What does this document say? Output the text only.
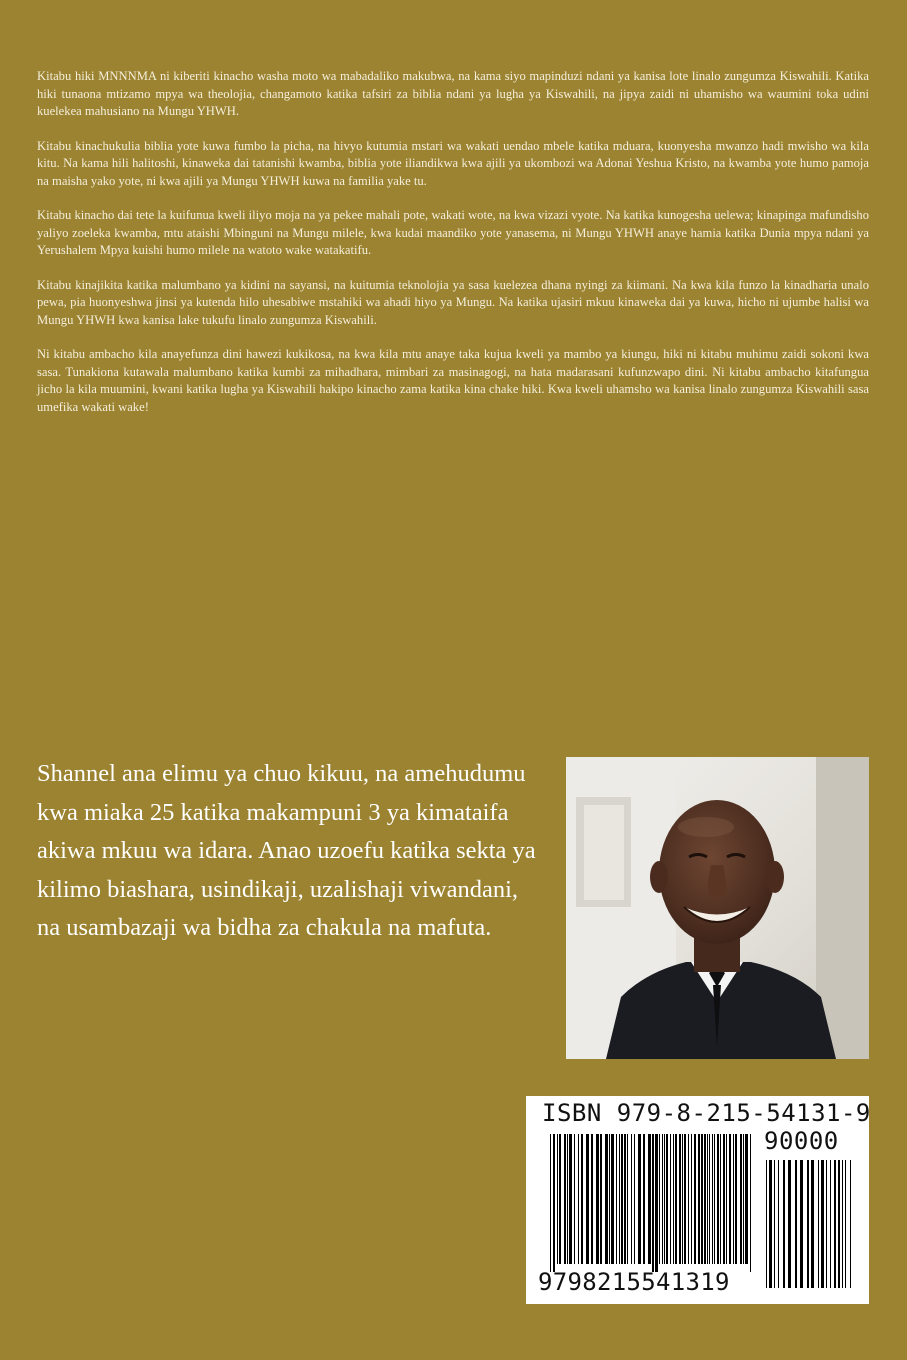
Kitabu hiki MNNNMA ni kiberiti kinacho washa moto wa mabadaliko makubwa, na kama siyo mapinduzi ndani ya kanisa lote linalo zungumza Kiswahili. Katika hiki tunaona mtizamo mpya wa theolojia, changamoto katika tafsiri za biblia ndani ya lugha ya Kiswahili, na jipya zaidi ni uhamisho wa waumini toka udini kuelekea mahusiano na Mungu YHWH.

Kitabu kinachukulia biblia yote kuwa fumbo la picha, na hivyo kutumia mstari wa wakati uendao mbele katika mduara, kuonyesha mwanzo hadi mwisho wa kila kitu. Na kama hili halitoshi, kinaweka dai tatanishi kwamba, biblia yote iliandikwa kwa ajili ya ukombozi wa Adonai Yeshua Kristo, na kwamba yote humo pamoja na maisha yako yote, ni kwa ajili ya Mungu YHWH kuwa na familia yake tu.

Kitabu kinacho dai tete la kuifunua kweli iliyo moja na ya pekee mahali pote, wakati wote, na kwa vizazi vyote. Na katika kunogesha uelewa; kinapinga mafundisho yaliyo zoeleka kwamba, mtu ataishi Mbinguni na Mungu milele, kwa kudai maandiko yote yanasema, ni Mungu YHWH anaye hamia katika Dunia mpya ndani ya Yerushalem Mpya kuishi humo milele na watoto wake watakatifu.

Kitabu kinajikita katika malumbano ya kidini na sayansi, na kuitumia teknolojia ya sasa kuelezea dhana nyingi za kiimani. Na kwa kila funzo la kinadharia unalo pewa, pia huonyeshwa jinsi ya kutenda hilo uhesabiwe mstahiki wa ahadi hiyo ya Mungu. Na katika ujasiri mkuu kinaweka dai ya kuwa, hicho ni ujumbe halisi wa Mungu YHWH kwa kanisa lake tukufu linalo zungumza Kiswahili.

Ni kitabu ambacho kila anayefunza dini hawezi kukikosa, na kwa kila mtu anaye taka kujua kweli ya mambo ya kiungu, hiki ni kitabu muhimu zaidi sokoni kwa sasa. Tunakiona kutawala malumbano katika kumbi za mihadhara, mimbari za masinagogi, na hata madarasani kufunzwapo dini. Ni kitabu ambacho kitafungua jicho la kila muumini, kwani katika lugha ya Kiswahili hakipo kinacho zama katika kina chake hiki. Kwa kweli uhamsho wa kanisa linalo zungumza Kiswahili sasa umefika wakati wake!

Shannel ana elimu ya chuo kikuu, na amehudumu kwa miaka 25 katika makampuni 3 ya kimataifa akiwa mkuu wa idara. Anao uzoefu katika sekta ya kilimo biashara, usindikaji, uzalishaji viwandani, na usambazaji wa bidha za chakula na mafuta.

ISBN 979-8-215-54131-9
90000
9798215541319
